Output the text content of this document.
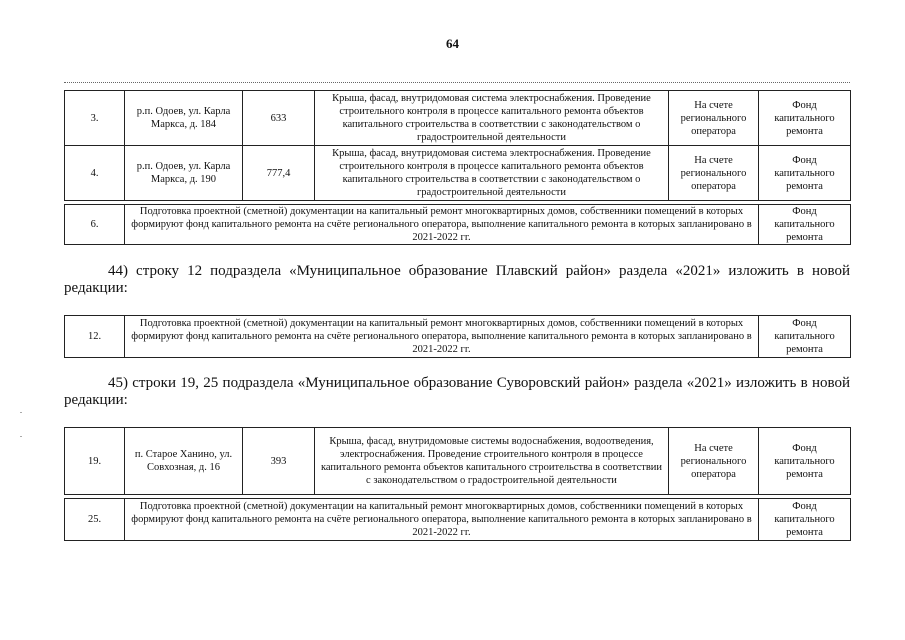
64
3.	р.п. Одоев, ул. Карла Маркса, д. 184	633	Крыша, фасад, внутридомовая система электроснабжения. Проведение строительного контроля в процессе капитального ремонта объектов капитального строительства в соответствии с законодательством о градостроительной деятельности	На счете регионального оператора	Фонд капитального ремонта
4.	р.п. Одоев, ул. Карла Маркса, д. 190	777,4	Крыша, фасад, внутридомовая система электроснабжения. Проведение строительного контроля в процессе капитального ремонта объектов капитального строительства в соответствии с законодательством о градостроительной деятельности	На счете регионального оператора	Фонд капитального ремонта

6.	Подготовка проектной (сметной) документации на капитальный ремонт многоквартирных домов, собственники помещений в которых формируют фонд капитального ремонта на счёте регионального оператора, выполнение капитального ремонта в которых запланировано в 2021-2022 гг.				Фонд капитального ремонта
44) строку 12 подраздела «Муниципальное образование Плавский район» раздела «2021» изложить в новой редакции:
12.	Подготовка проектной (сметной) документации на капитальный ремонт многоквартирных домов, собственники помещений в которых формируют фонд капитального ремонта на счёте регионального оператора, выполнение капитального ремонта в которых запланировано в 2021-2022 гг.	Фонд капитального ремонта
45) строки 19, 25 подраздела «Муниципальное образование Суворовский район» раздела «2021» изложить в новой редакции:
19.	п. Старое Ханино, ул. Совхозная, д. 16	393	Крыша, фасад, внутридомовые системы водоснабжения, водоотведения, электроснабжения. Проведение строительного контроля в процессе капитального ремонта объектов капитального строительства в соответствии с законодательством о градостроительной деятельности	На счете регионального оператора	Фонд капитального ремонта

25.	Подготовка проектной (сметной) документации на капитальный ремонт многоквартирных домов, собственники помещений в которых формируют фонд капитального ремонта на счёте регионального оператора, выполнение капитального ремонта в которых запланировано в 2021-2022 гг.				Фонд капитального ремонта
